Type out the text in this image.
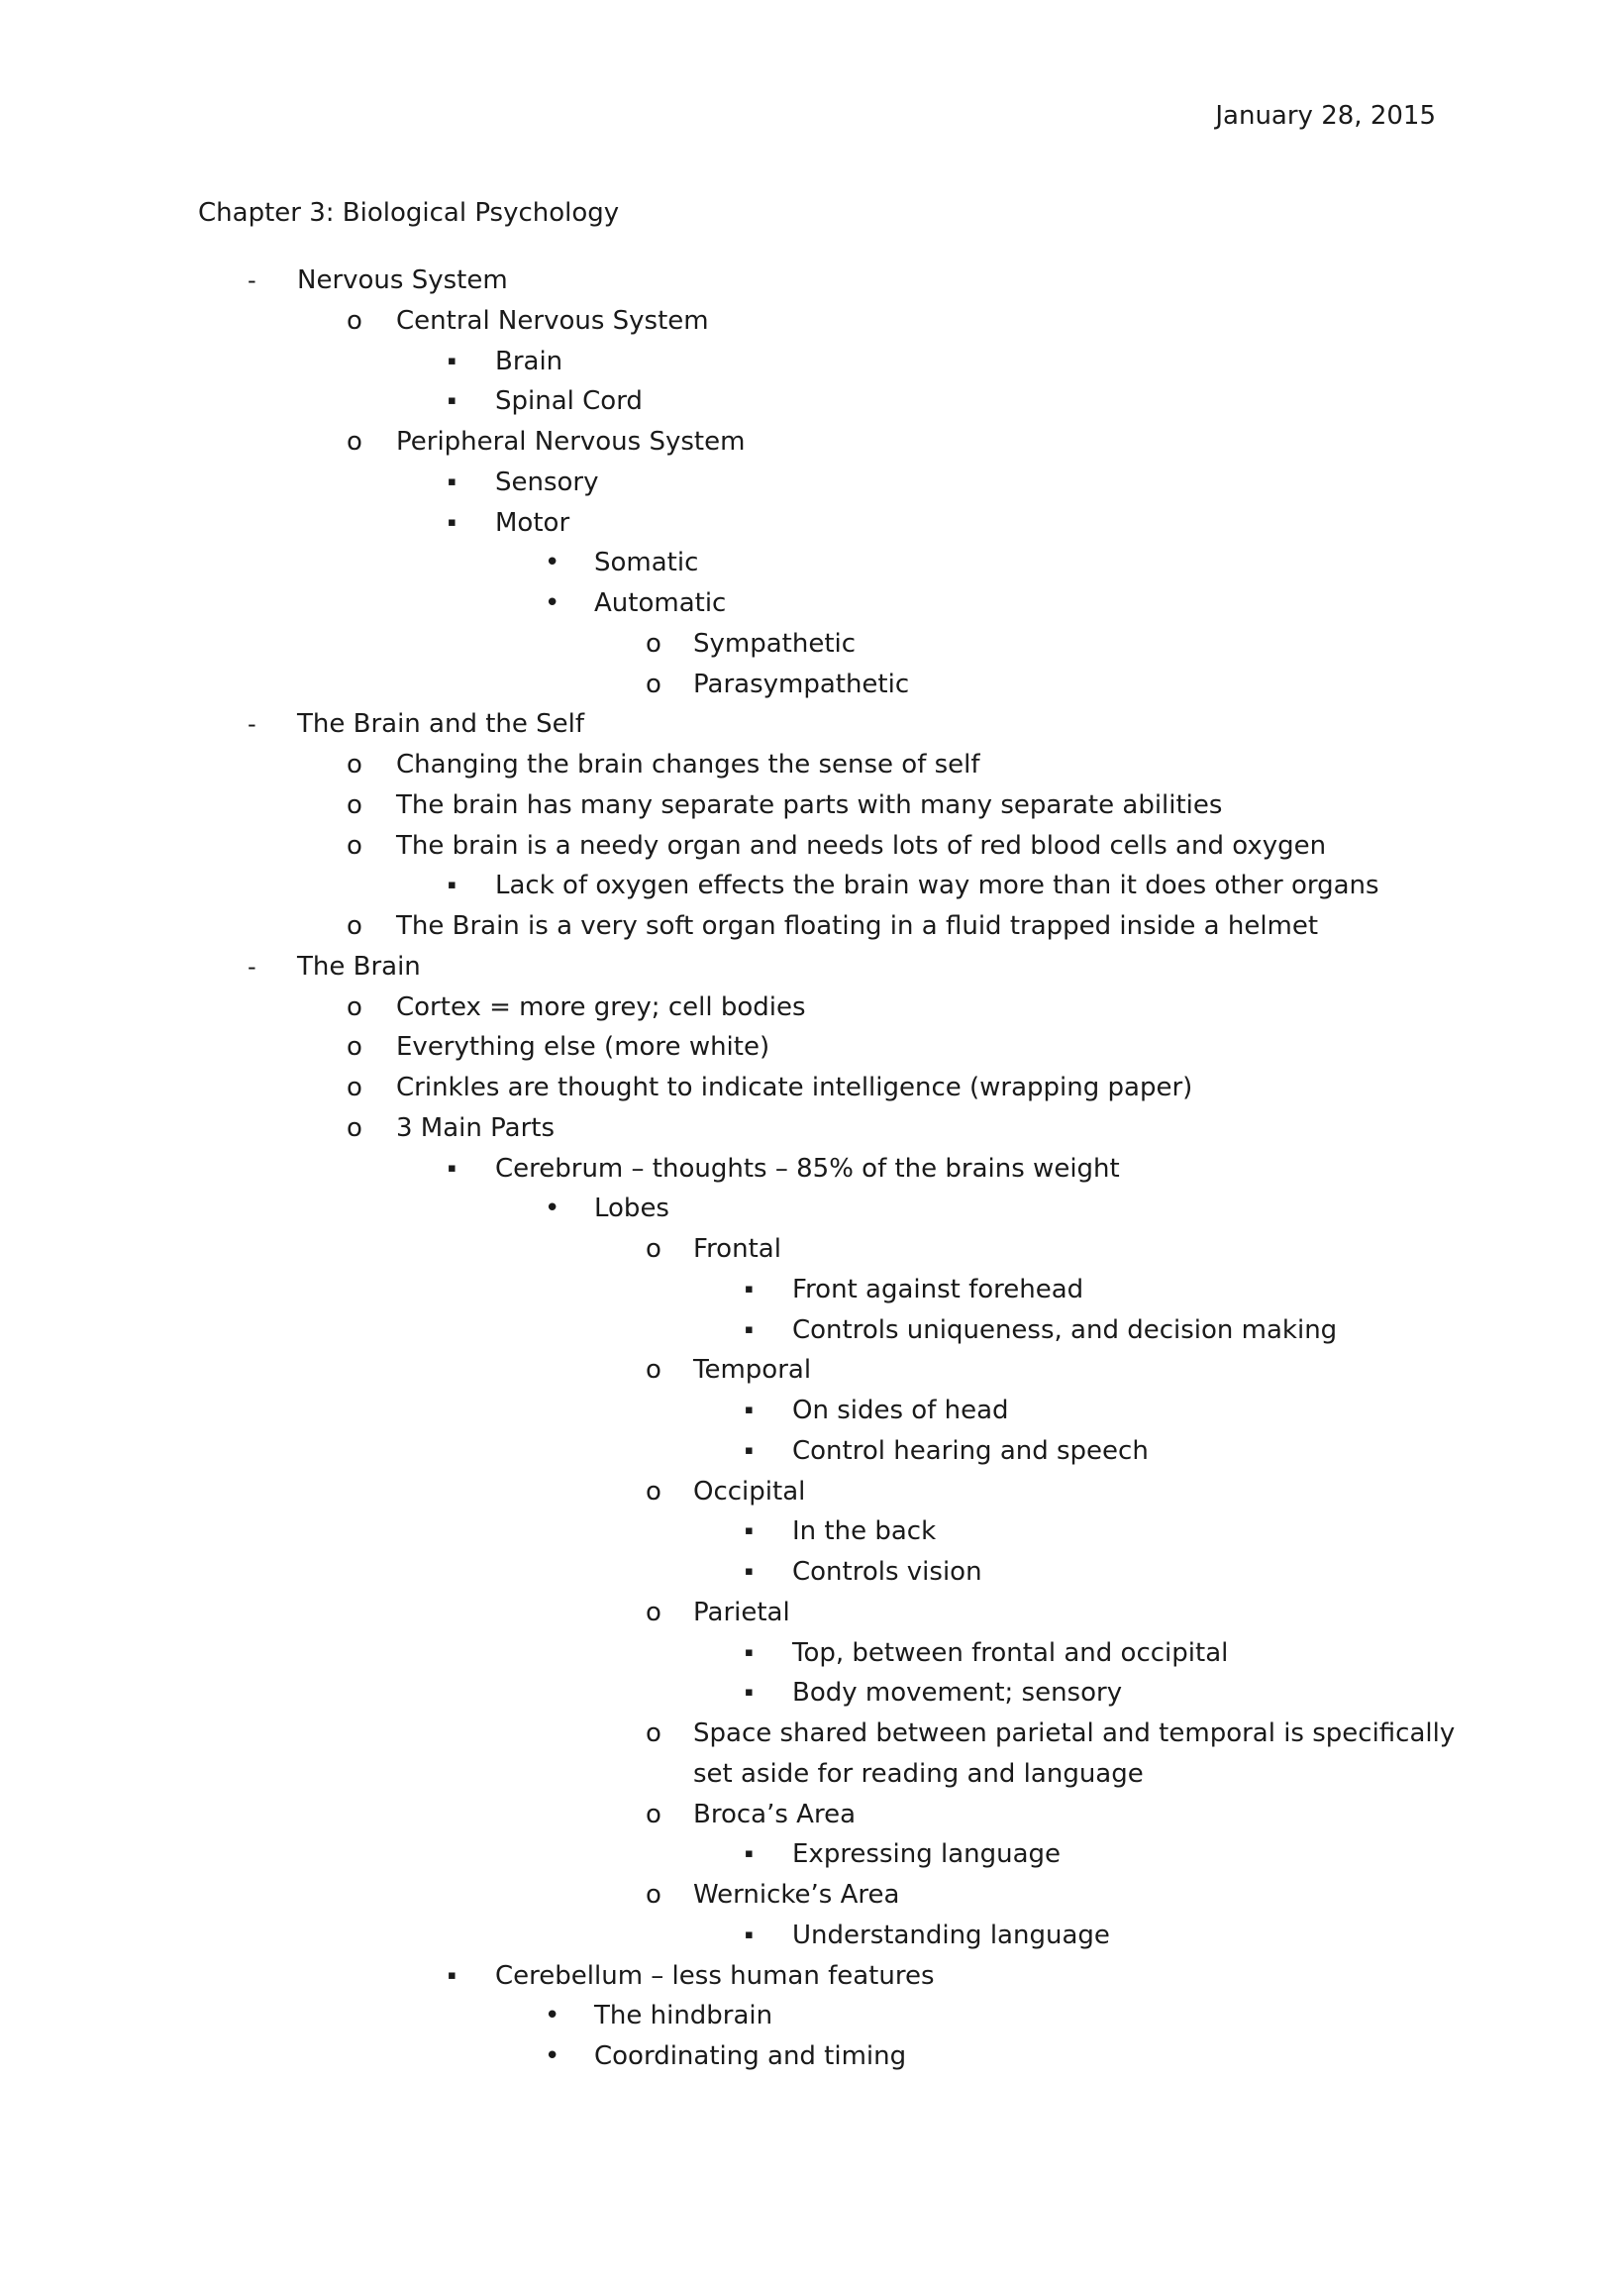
January 28, 2015
Chapter 3: Biological Psychology
- Nervous System
o Central Nervous System
▪ Brain
▪ Spinal Cord
o Peripheral Nervous System
▪ Sensory
▪ Motor
• Somatic
• Automatic
o Sympathetic
o Parasympathetic
- The Brain and the Self
o Changing the brain changes the sense of self
o The brain has many separate parts with many separate abilities
o The brain is a needy organ and needs lots of red blood cells and oxygen
▪ Lack of oxygen effects the brain way more than it does other organs
o The Brain is a very soft organ floating in a fluid trapped inside a helmet
- The Brain
o Cortex = more grey; cell bodies
o Everything else (more white)
o Crinkles are thought to indicate intelligence (wrapping paper)
o 3 Main Parts
▪ Cerebrum – thoughts – 85% of the brains weight
• Lobes
o Frontal
▪ Front against forehead
▪ Controls uniqueness, and decision making
o Temporal
▪ On sides of head
▪ Control hearing and speech
o Occipital
▪ In the back
▪ Controls vision
o Parietal
▪ Top, between frontal and occipital
▪ Body movement; sensory
o Space shared between parietal and temporal is specifically
set aside for reading and language
o Broca’s Area
▪ Expressing language
o Wernicke’s Area
▪ Understanding language
▪ Cerebellum – less human features
• The hindbrain
• Coordinating and timing
